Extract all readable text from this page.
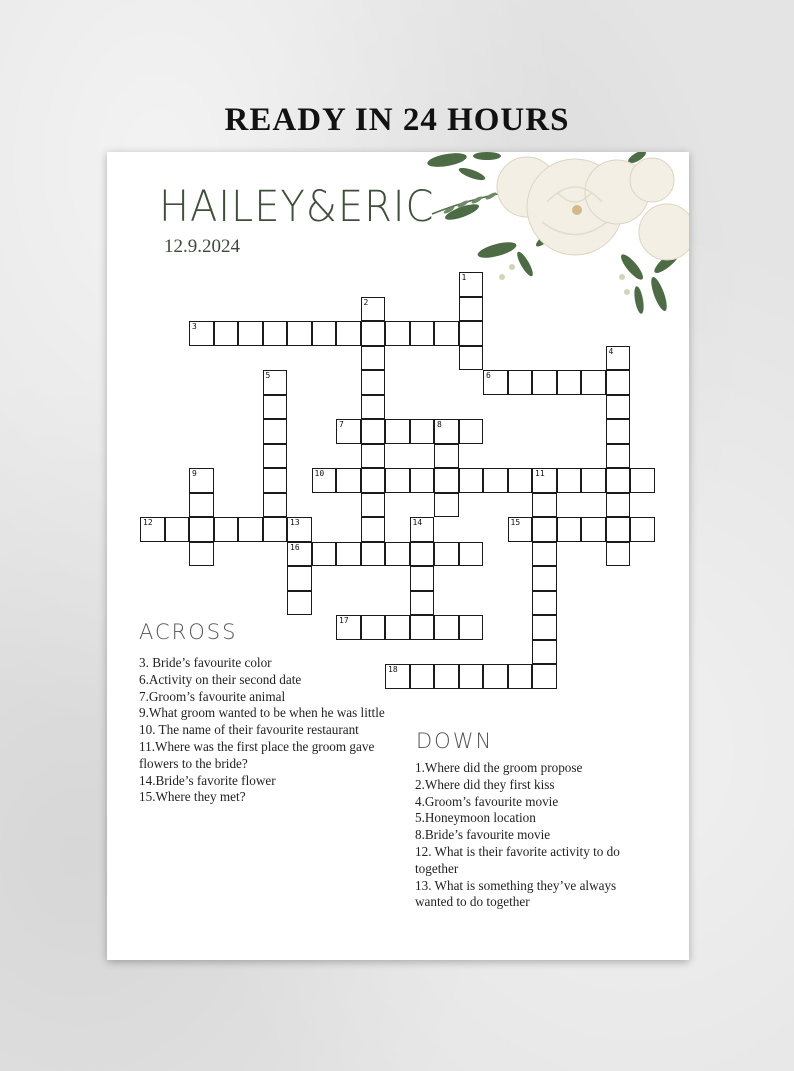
READY IN 24 HOURS
HAILEY&ERIC
12.9.2024
1
2
3
4
5	6
7	8
9	10	11
12	13
16
14	15
17
18
ACROSS
3. Bride’s favourite color
6.Activity on their second date
7.Groom’s favourite animal
9.What groom wanted to be when he was little
10. The name of their favourite restaurant
11.Where was the first place the groom gave flowers to the bride?
14.Bride’s favorite flower
15.Where they met?
DOWN
1.Where did the groom propose
2.Where did they first kiss
4.Groom’s favourite movie
5.Honeymoon location
8.Bride’s favourite movie
12. What is their favorite activity to do together
13. What is something they’ve always wanted to do together
